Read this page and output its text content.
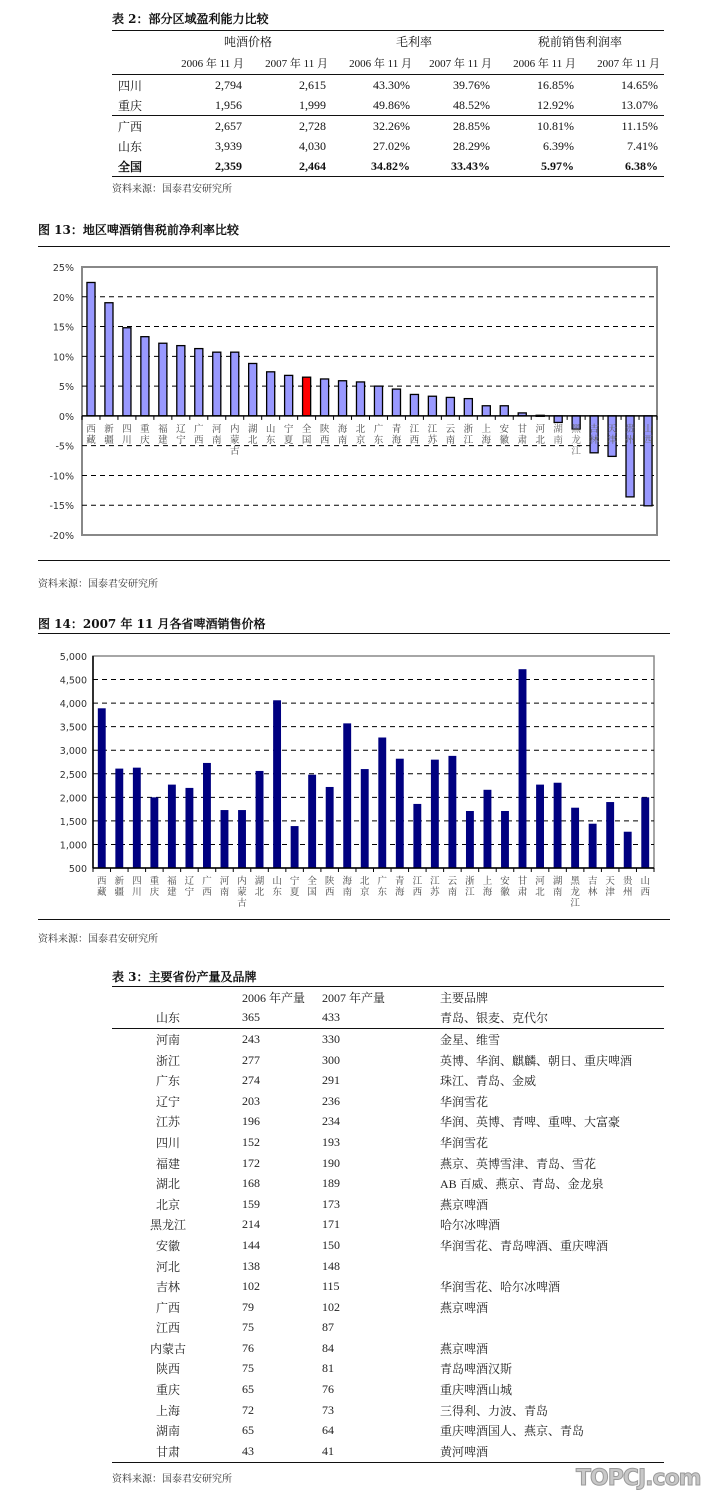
表 2：部分区域盈利能力比较
	吨酒价格		毛利率		税前销售利润率	
	2006 年 11 月	2007 年 11 月	2006 年 11 月	2007 年 11 月	2006 年 11 月	2007 年 11 月
四川	2,794	2,615	43.30%	39.76%	16.85%	14.65%
重庆	1,956	1,999	49.86%	48.52%	12.92%	13.07%
广西	2,657	2,728	32.26%	28.85%	10.81%	11.15%
山东	3,939	4,030	27.02%	28.29%	6.39%	7.41%
全国	2,359	2,464	34.82%	33.43%	5.97%	6.38%
资料来源：国泰君安研究所
图 13：地区啤酒销售税前净利率比较
25%
20%
15%
10%
5%
0%
-5%
-10%
-15%
-20%
西藏
新疆
四川
重庆
福建
辽宁
广西
河南
内蒙古
湖北
山东
宁夏
全国
陕西
海南
北京
广东
青海
江西
江苏
云南
浙江
上海
安徽
甘肃
河北
湖南
黑龙江
吉林
天津
贵州
山西
资料来源：国泰君安研究所
图 14：2007 年 11 月各省啤酒销售价格
5,000
4,500
4,000
3,500
3,000
2,500
2,000
1,500
1,000
500
西藏
新疆
四川
重庆
福建
辽宁
广西
河南
内蒙古
湖北
山东
宁夏
全国
陕西
海南
北京
广东
青海
江西
江苏
云南
浙江
上海
安徽
甘肃
河北
湖南
黑龙江
吉林
天津
贵州
山西
资料来源：国泰君安研究所
表 3：主要省份产量及品牌
	2006 年产量	2007 年产量	主要品牌
山东	365	433	青岛、银麦、克代尔
河南	243	330	金星、维雪
浙江	277	300	英博、华润、麒麟、朝日、重庆啤酒
广东	274	291	珠江、青岛、金威
辽宁	203	236	华润雪花
江苏	196	234	华润、英博、青啤、重啤、大富豪
四川	152	193	华润雪花
福建	172	190	燕京、英博雪津、青岛、雪花
湖北	168	189	AB 百威、燕京、青岛、金龙泉
北京	159	173	燕京啤酒
黑龙江	214	171	哈尔冰啤酒
安徽	144	150	华润雪花、青岛啤酒、重庆啤酒
河北	138	148	
吉林	102	115	华润雪花、哈尔冰啤酒
广西	79	102	燕京啤酒
江西	75	87	
内蒙古	76	84	燕京啤酒
陕西	75	81	青岛啤酒汉斯
重庆	65	76	重庆啤酒山城
上海	72	73	三得利、力波、青岛
湖南	65	64	重庆啤酒国人、燕京、青岛
甘肃	43	41	黄河啤酒
资料来源：国泰君安研究所	TOPCJ.com
